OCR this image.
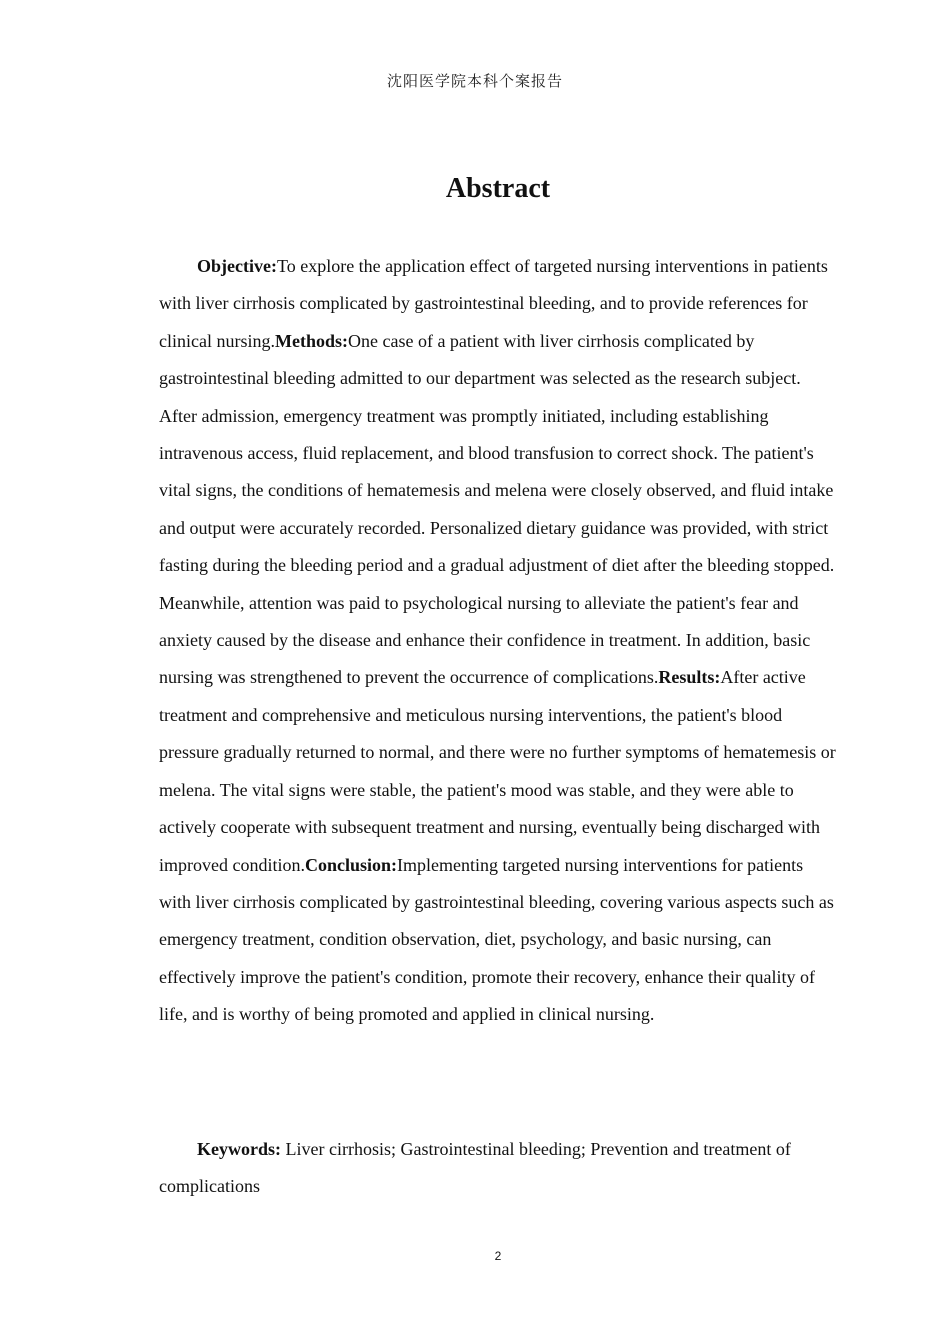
沈阳医学院本科个案报告
Abstract

Objective:To explore the application effect of targeted nursing interventions in patients with liver cirrhosis complicated by gastrointestinal bleeding, and to provide references for clinical nursing.Methods:One case of a patient with liver cirrhosis complicated by gastrointestinal bleeding admitted to our department was selected as the research subject. After admission, emergency treatment was promptly initiated, including establishing intravenous access, fluid replacement, and blood transfusion to correct shock. The patient's vital signs, the conditions of hematemesis and melena were closely observed, and fluid intake and output were accurately recorded. Personalized dietary guidance was provided, with strict fasting during the bleeding period and a gradual adjustment of diet after the bleeding stopped. Meanwhile, attention was paid to psychological nursing to alleviate the patient's fear and anxiety caused by the disease and enhance their confidence in treatment. In addition, basic nursing was strengthened to prevent the occurrence of complications.Results:After active treatment and comprehensive and meticulous nursing interventions, the patient's blood pressure gradually returned to normal, and there were no further symptoms of hematemesis or melena. The vital signs were stable, the patient's mood was stable, and they were able to actively cooperate with subsequent treatment and nursing, eventually being discharged with improved condition.Conclusion:Implementing targeted nursing interventions for patients with liver cirrhosis complicated by gastrointestinal bleeding, covering various aspects such as emergency treatment, condition observation, diet, psychology, and basic nursing, can effectively improve the patient's condition, promote their recovery, enhance their quality of life, and is worthy of being promoted and applied in clinical nursing.

Keywords: Liver cirrhosis; Gastrointestinal bleeding; Prevention and treatment of complications

2
